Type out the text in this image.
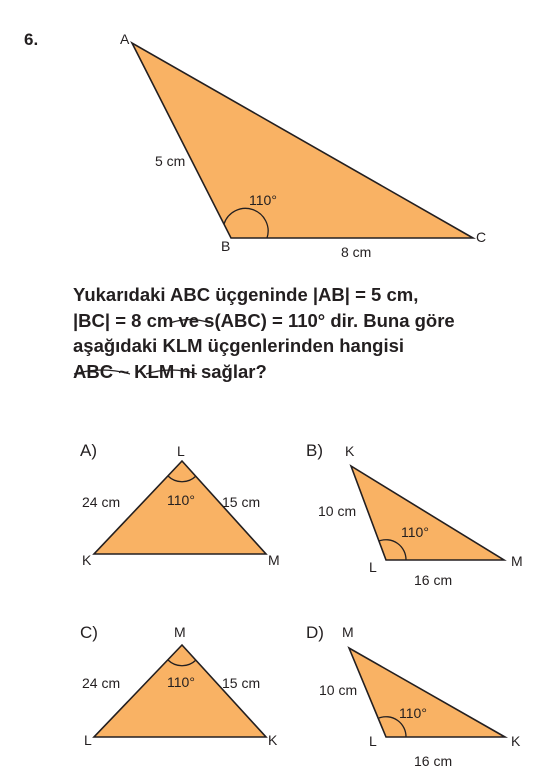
6.	A
B
C
5 cm
8 cm
110°
A)	L
K	M
24 cm	15 cm
110°
B) K
L	M
10 cm
16 cm
110°
C)	M
L	K
24 cm	15 cm
110°
D) M
L	K
10 cm
16 cm
110°

Yukarıdaki ABC üçgeninde |AB| = 5 cm,
|BC| = 8 cm ve s(ABC) = 110° dir. Buna göre
aşağıdaki KLM üçgenlerinden hangisi
ABC ~ KLM ni sağlar?
